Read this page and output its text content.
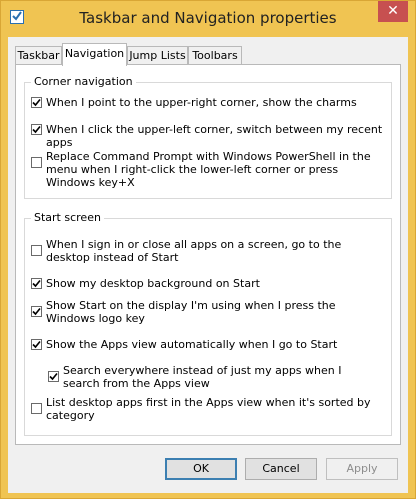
Taskbar and Navigation properties	✕
Taskbar Navigation Jump Lists Toolbars
Corner navigation
When I point to the upper-right corner, show the charms
When I click the upper-left corner, switch between my recent apps
Replace Command Prompt with Windows PowerShell in the menu when I right-click the lower-left corner or press Windows key+X
Start screen
When I sign in or close all apps on a screen, go to the desktop instead of Start
Show my desktop background on Start
Show Start on the display I'm using when I press the Windows logo key
Show the Apps view automatically when I go to Start
Search everywhere instead of just my apps when I search from the Apps view
List desktop apps first in the Apps view when it's sorted by category
OK	Cancel	Apply
